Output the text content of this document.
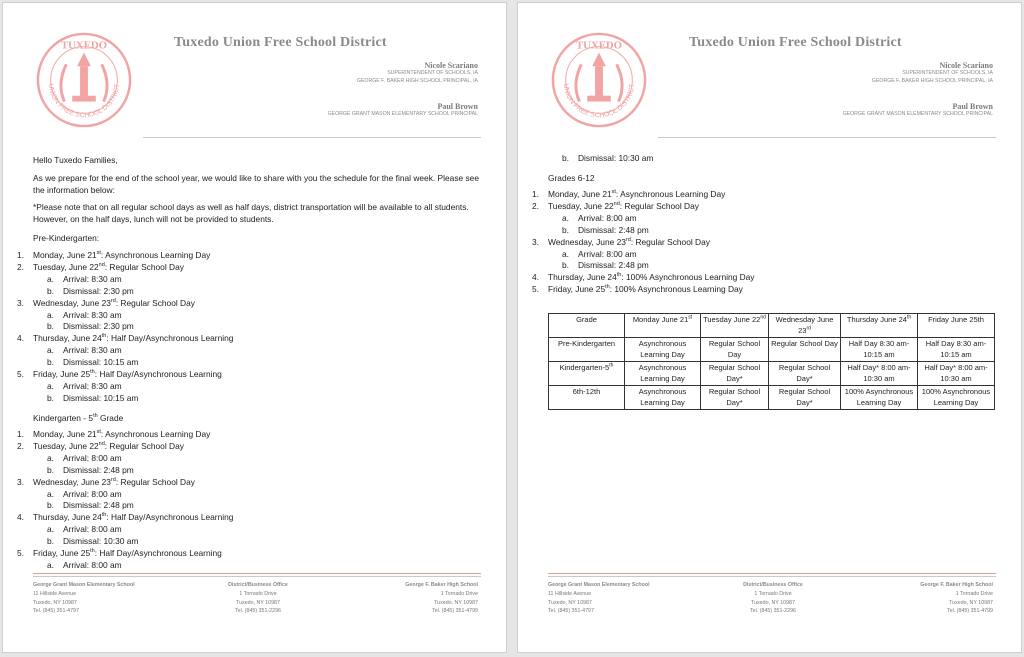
TUXEDO
UNION FREE SCHOOL DISTRICT
Tuxedo Union Free School District
Nicole Scariano
SUPERINTENDENT OF SCHOOLS, IA
GEORGE F. BAKER HIGH SCHOOL PRINCIPAL, IA
Paul Brown
GEORGE GRANT MASON ELEMENTARY SCHOOL PRINCIPAL
Hello Tuxedo Families,
As we prepare for the end of the school year, we would like to share with you the schedule for the final week. Please see the information below:
*Please note that on all regular school days as well as half days, district transportation will be available to all students. However, on the half days, lunch will not be provided to students.
Pre-Kindergarten:
1. Monday, June 21st: Asynchronous Learning Day
2. Tuesday, June 22nd: Regular School Day
a. Arrival: 8:30 am
b. Dismissal: 2:30 pm
3. Wednesday, June 23rd: Regular School Day
a. Arrival: 8:30 am
b. Dismissal: 2:30 pm
4. Thursday, June 24th: Half Day/Asynchronous Learning
a. Arrival: 8:30 am
b. Dismissal: 10:15 am
5. Friday, June 25th: Half Day/Asynchronous Learning
a. Arrival: 8:30 am
b. Dismissal: 10:15 am
Kindergarten - 5th Grade
1. Monday, June 21st: Asynchronous Learning Day
2. Tuesday, June 22nd: Regular School Day
a. Arrival: 8:00 am
b. Dismissal: 2:48 pm
3. Wednesday, June 23rd: Regular School Day
a. Arrival: 8:00 am
b. Dismissal: 2:48 pm
4. Thursday, June 24th: Half Day/Asynchronous Learning
a. Arrival: 8:00 am
b. Dismissal: 10:30 am
5. Friday, June 25th: Half Day/Asynchronous Learning
a. Arrival: 8:00 am
George Grant Mason Elementary School
11 Hillside Avenue
Tuxedo, NY 10987
Tel. (845) 351-4797
District/Business Office
1 Tornado Drive
Tuxedo, NY 10987
Tel. (845) 351-2296
George F. Baker High School
1 Tornado Drive
Tuxedo, NY 10987
Tel. (845) 351-4799
TUXEDO
UNION FREE SCHOOL DISTRICT
Tuxedo Union Free School District
Nicole Scariano
SUPERINTENDENT OF SCHOOLS, IA
GEORGE F. BAKER HIGH SCHOOL PRINCIPAL, IA
Paul Brown
GEORGE GRANT MASON ELEMENTARY SCHOOL PRINCIPAL
b. Dismissal: 10:30 am
Grades 6-12
1. Monday, June 21st: Asynchronous Learning Day
2. Tuesday, June 22nd: Regular School Day
a. Arrival: 8:00 am
b. Dismissal: 2:48 pm
3. Wednesday, June 23rd: Regular School Day
a. Arrival: 8:00 am
b. Dismissal: 2:48 pm
4. Thursday, June 24th: 100% Asynchronous Learning Day
5. Friday, June 25th: 100% Asynchronous Learning Day
Grade	Monday June 21st	Tuesday June 22nd	Wednesday June 23rd	Thursday June 24th	Friday June 25th
Pre-Kindergarten	Asynchronous Learning Day	Regular School Day	Regular School Day	Half Day 8:30 am-10:15 am	Half Day 8:30 am-10:15 am
Kindergarten-5th	Asynchronous Learning Day	Regular School Day*	Regular School Day*	Half Day* 8:00 am-10:30 am	Half Day* 8:00 am-10:30 am
6th-12th	Asynchronous Learning Day	Regular School Day*	Regular School Day*	100% Asynchronous Learning Day	100% Asynchronous Learning Day
George Grant Mason Elementary School
11 Hillside Avenue
Tuxedo, NY 10987
Tel. (845) 351-4797
District/Business Office
1 Tornado Drive
Tuxedo, NY 10987
Tel. (845) 351-2296
George F. Baker High School
1 Tornado Drive
Tuxedo, NY 10987
Tel. (845) 351-4799
